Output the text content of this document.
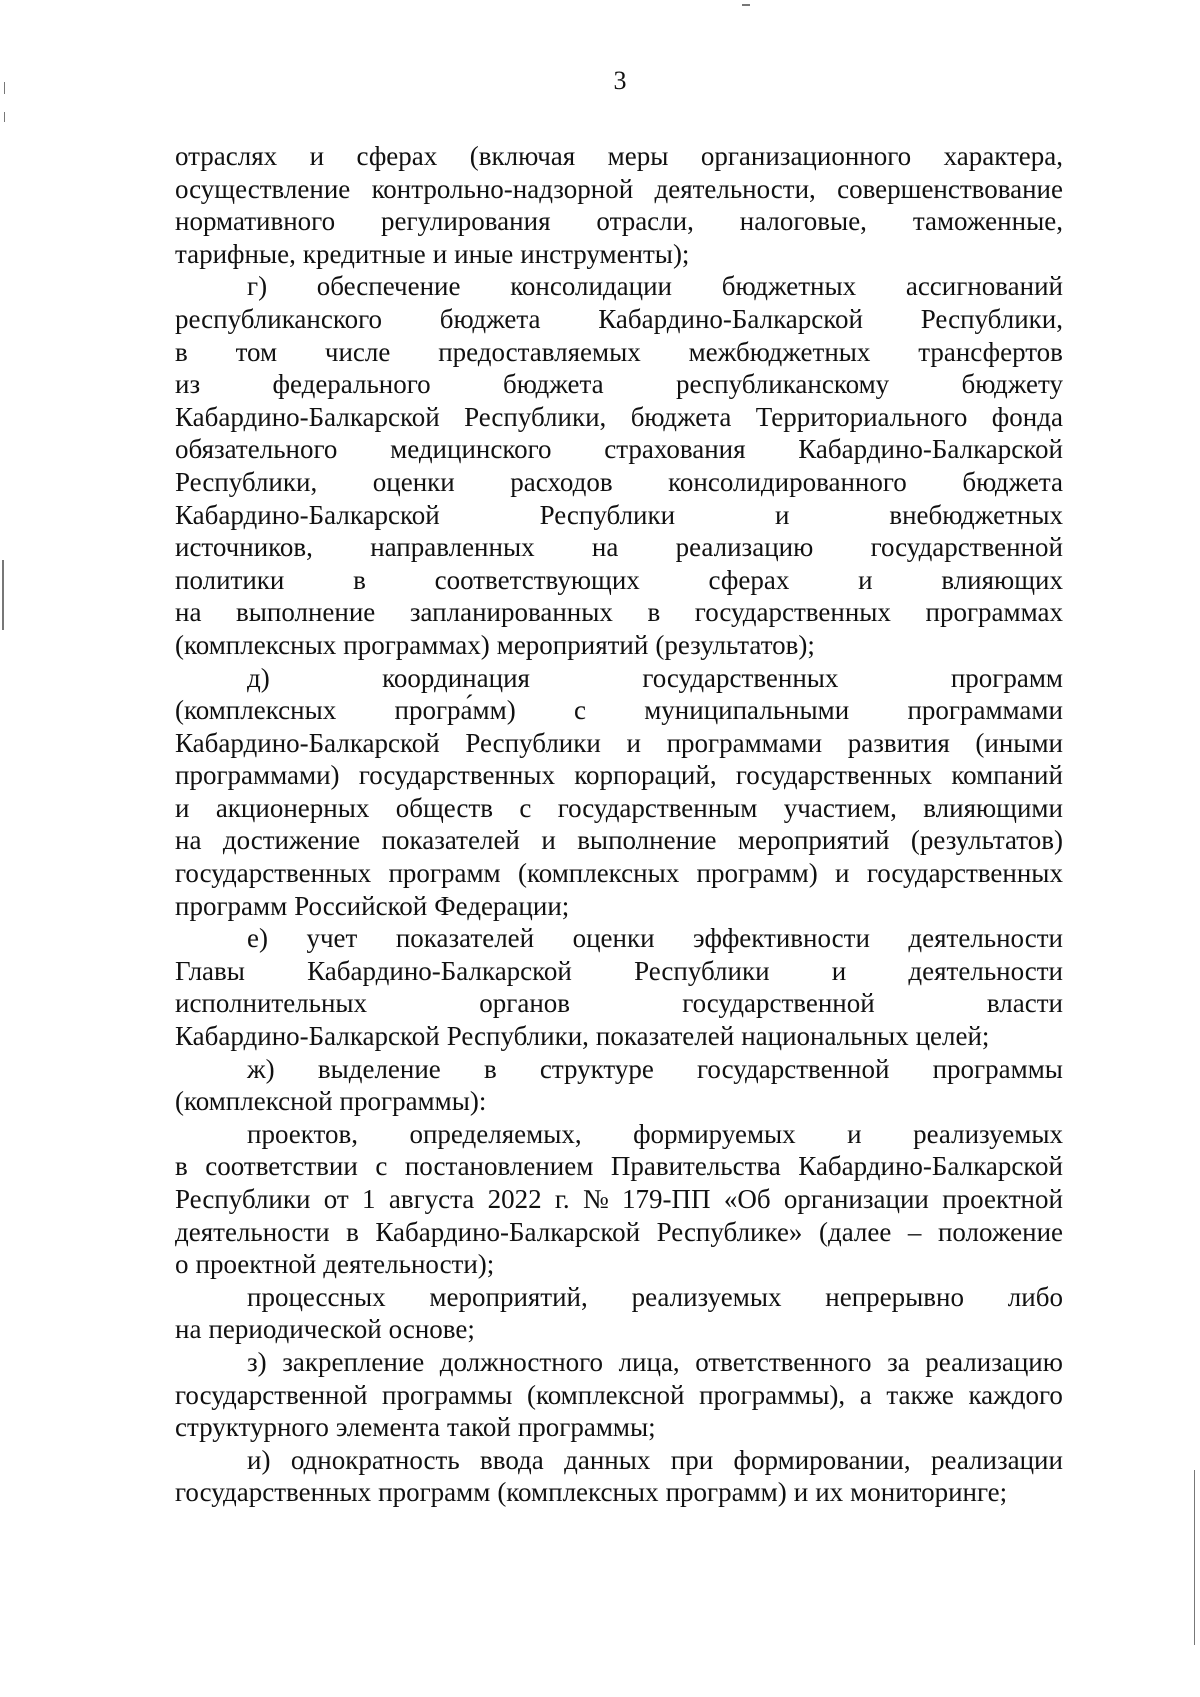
3
отраслях и сферах (включая меры организационного характера,
осуществление контрольно-надзорной деятельности, совершенствование
нормативного регулирования отрасли, налоговые, таможенные,
тарифные, кредитные и иные инструменты);
г) обеспечение консолидации бюджетных ассигнований
республиканского бюджета Кабардино-Балкарской Республики,
в том числе предоставляемых межбюджетных трансфертов
из	федерального	бюджета	республиканскому	бюджету
Кабардино-Балкарской Республики, бюджета Территориального фонда
обязательного медицинского страхования Кабардино-Балкарской
Республики, оценки расходов консолидированного бюджета
Кабардино-Балкарской	Республики	и	внебюджетных
источников, направленных на реализацию государственной
политики	в	соответствующих	сферах	и	влияющих
на выполнение запланированных в государственных программах
(комплексных программах) мероприятий (результатов);
д)	координация	государственных	программ
(комплексных програ́мм) с муниципальными программами
Кабардино-Балкарской Республики и программами развития (иными
программами) государственных корпораций, государственных компаний
и акционерных обществ с государственным участием, влияющими
на достижение показателей и выполнение мероприятий (результатов)
государственных программ (комплексных программ) и государственных
программ Российской Федерации;
е) учет показателей оценки эффективности деятельности
Главы Кабардино-Балкарской Республики и деятельности
исполнительных	органов	государственной	власти
Кабардино-Балкарской Республики, показателей национальных целей;
ж) выделение в структуре государственной программы
(комплексной программы):
проектов, определяемых, формируемых и реализуемых
в соответствии с постановлением Правительства Кабардино-Балкарской
Республики от 1 августа 2022 г. № 179-ПП «Об организации проектной
деятельности в Кабардино-Балкарской Республике» (далее – положение
о проектной деятельности);
процессных мероприятий, реализуемых непрерывно либо
на периодической основе;
з) закрепление должностного лица, ответственного за реализацию
государственной программы (комплексной программы), а также каждого
структурного элемента такой программы;
и) однократность ввода данных при формировании, реализации
государственных программ (комплексных программ) и их мониторинге;
